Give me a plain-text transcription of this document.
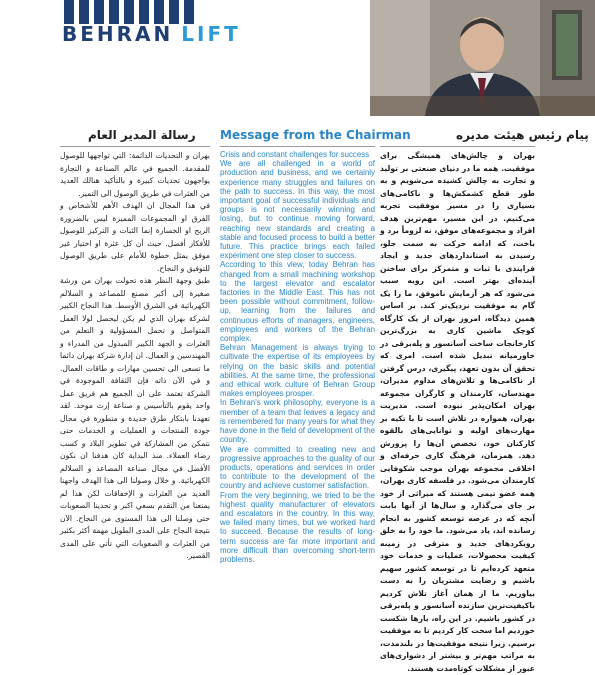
BEHRAN LIFT
رسالة المدير العام Message from the Chairman	پیام رئیس هیئت مدیره

بهران و التحديات الدائمة: التي تواجهها للوصول للمقدمة. الجميع في عالم الصناعة و التجارة يواجهون تحديات كبيرة و بالتأكيد هنالك العديد من العثرات في طريق الوصول الى التميز.

في هذا المجال ان الهدف الأهم للأشخاص و الفرق او المجموعات المميزة ليس بالضرورة الربح او الخسارة إنما الثبات و التركيز للوصول للأفكار أفضل. حيث أن كل عثرة او اختيار غير موفق يمثل خطوة للأمام على طريق الوصول للتوفيق و النجاح.

طبق وجهة النظر هذه تحولت بهران من ورشة صغيرة إلى أكبر مصنع للمصاعد و السلالم الكهربائية في الشرق الأوسط. هذا النجاح الكبير لشركة بهران الذي لم يكن ليحصل لولا العمل المتواصل و تحمل المسؤولية و التعلم من العثرات و الجهد الكبير المبذول من المدراء و المهندسين و العمال. ان إدارة شركة بهران دائما ما تسعى الى تحسين مهارات و طاقات العمال. و في الآن ذاته فإن الثقافة الموجودة في الشركة تعتمد على ان الجميع هم فريق عمل واحد يقوم بالتأسيس و صناعة إرث موحد. لقد تعهدنا بابتكار طرق جديدة و متطورة في مجال جودة المنتجات و العمليات و الخدمات حتى نتمكن من المشاركة في تطوير البلاد و كسب رضاء العملاء. منذ البداية كان هدفنا ان نكون الأفضل في مجال صناعة المصاعد و السلالم الكهربائية. و خلال وصولنا الى هذا الهدف واجهنا العديد من العثرات و الإخفاقات لكن هذا لم يمنعنا من التقدم بسعي اكبر و تحدينا الصعوبات حتى وصلنا الى هذا المستوى من النجاح. الآن نتيجة النجاح على المدى الطويل مهمة أكثر بكثير من العثرات و الصعوبات التي تأتي على المدى القصير.

Crisis and constant challenges for success

We are all challenged in a world of production and business, and we certainly experience many struggles and failures on the path to success. In this way, the most important goal of successful individuals and groups is not necessarily winning and losing, but to continue moving forward, reaching new standards and creating a stable and focused process to build a better future. This practice brings each failed experiment one step closer to success.

According to this view, today Behran has changed from a small machining workshop to the largest elevator and escalator factories in the Middle East. This has not been possible without commitment, follow-up, learning from the failures and continuous efforts of managers, engineers, employees and workers of the Behran complex.

Behran Management is always trying to cultivate the expertise of its employees by relying on the basic skills and potential abilities. At the same time, the professional and ethical work culture of Behran Group makes employees prosper.

In Behran's work philosophy, everyone is a member of a team that leaves a legacy and is remembered for many years for what they have done in the field of development of the country.

We are committed to creating new and progressive approaches to the quality of our products, operations and services in order to contribute to the development of the country and achieve customer satisfaction.

From the very beginning, we tried to be the highest quality manufacturer of elevators and escalators in the country. In this way, we failed many times, but we worked hard to succeed. Because the results of long-term success are far more important and more difficult than overcoming short-term problems.

بهران و چالش‌های همیشگی برای موفقیت. همه ما در دنیای صنعتی بر تولید و تجارت به چالش کشیده می‌شویم و به طور قطع کشمکش‌ها و ناکامی‌های بسیاری را در مسیر موفقیت تجربه می‌کنیم. در این مسیر، مهم‌ترین هدف افراد و مجموعه‌های موفق، نه لزوماً برد و باخت، که ادامه حرکت به سمت جلو، رسیدن به استانداردهای جدید و ایجاد فرایندی با ثبات و متمرکز برای ساختن آینده‌ای بهتر است. این رویه سبب می‌شود که هر آزمایش ناموفق، ما را یک گام به موفقیت نزدیک‌تر کند. بر اساس همین دیدگاه، امروز بهران از یک کارگاه کوچک ماشین کاری به بزرگ‌ترین کارخانجات ساخت آسانسور و پله‌برقی در خاورمیانه تبدیل شده است. امری که تحقق آن بدون تعهد، پیگیری، درس گرفتن از ناکامی‌ها و تلاش‌های مداوم مدیران، مهندسان، کارمندان و کارگران مجموعه بهران امکان‌پذیر نبوده است. مدیریت بهران، همواره در تلاش است تا با تکیه بر مهارت‌های اولیه و توانایی‌های بالقوه کارکنان خود، تخصص آن‌ها را پرورش دهد. همزمان، فرهنگ کاری حرفه‌ای و اخلاقی مجموعه بهران موجب شکوفایی کارمندان می‌شود. در فلسفه کاری بهران، همه عضو تیمی هستند که میراثی از خود بر جای می‌گذارد و سال‌ها از آنها بابت آنچه که در عرصه توسعه کشور به انجام رسانده اند، یاد می‌شود. ما خود را به خلق رویکردهای جدید و مترقی در زمینه کیفیت محصولات، عملیات و خدمات خود متعهد کرده‌ایم تا در توسعه کشور سهیم باشیم و رضایت مشتریان را به دست بیاوریم. ما از همان آغاز تلاش کردیم باکیفیت‌ترین سازنده آسانسور و پله‌برقی در کشور باشیم. در این راه، بارها شکست خوردیم اما سخت کار کردیم تا به موفقیت برسیم. زیرا نتیجه موفقیت‌ها در بلندمدت، به مراتب مهم‌تر و بیشتر از دشواری‌های عبور از مشکلات کوتاه‌مدت هستند.
